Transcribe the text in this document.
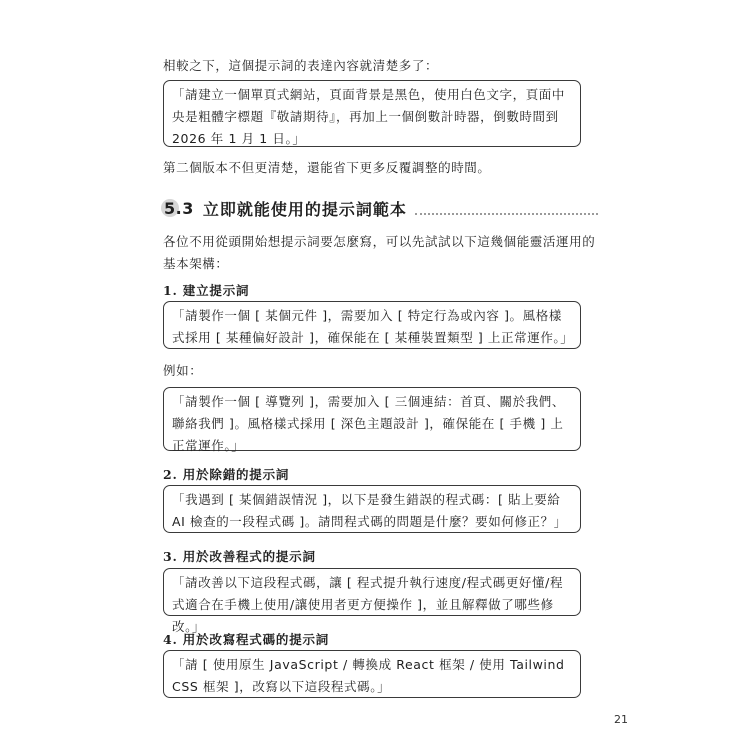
相較之下，這個提示詞的表達內容就清楚多了：
「請建立一個單頁式網站，頁面背景是黑色，使用白色文字，頁面中央是粗體字標題『敬請期待』，再加上一個倒數計時器，倒數時間到 2026 年 1 月 1 日。」
第二個版本不但更清楚，還能省下更多反覆調整的時間。
5.3 立即就能使用的提示詞範本
各位不用從頭開始想提示詞要怎麼寫，可以先試試以下這幾個能靈活運用的基本架構：
1. 建立提示詞
「請製作一個 [ 某個元件 ]，需要加入 [ 特定行為或內容 ]。風格樣式採用 [ 某種偏好設計 ]，確保能在 [ 某種裝置類型 ] 上正常運作。」
例如：
「請製作一個 [ 導覽列 ]，需要加入 [ 三個連結：首頁、關於我們、聯絡我們 ]。風格樣式採用 [ 深色主題設計 ]，確保能在 [ 手機 ] 上正常運作。」
2. 用於除錯的提示詞
「我遇到 [ 某個錯誤情況 ]，以下是發生錯誤的程式碼：[ 貼上要給 AI 檢查的一段程式碼 ]。請問程式碼的問題是什麼？要如何修正？」
3. 用於改善程式的提示詞
「請改善以下這段程式碼，讓 [ 程式提升執行速度/程式碼更好懂/程式適合在手機上使用/讓使用者更方便操作 ]，並且解釋做了哪些修改。」
4. 用於改寫程式碼的提示詞
「請 [ 使用原生 JavaScript / 轉換成 React 框架 / 使用 Tailwind CSS 框架 ]，改寫以下這段程式碼。」
21
